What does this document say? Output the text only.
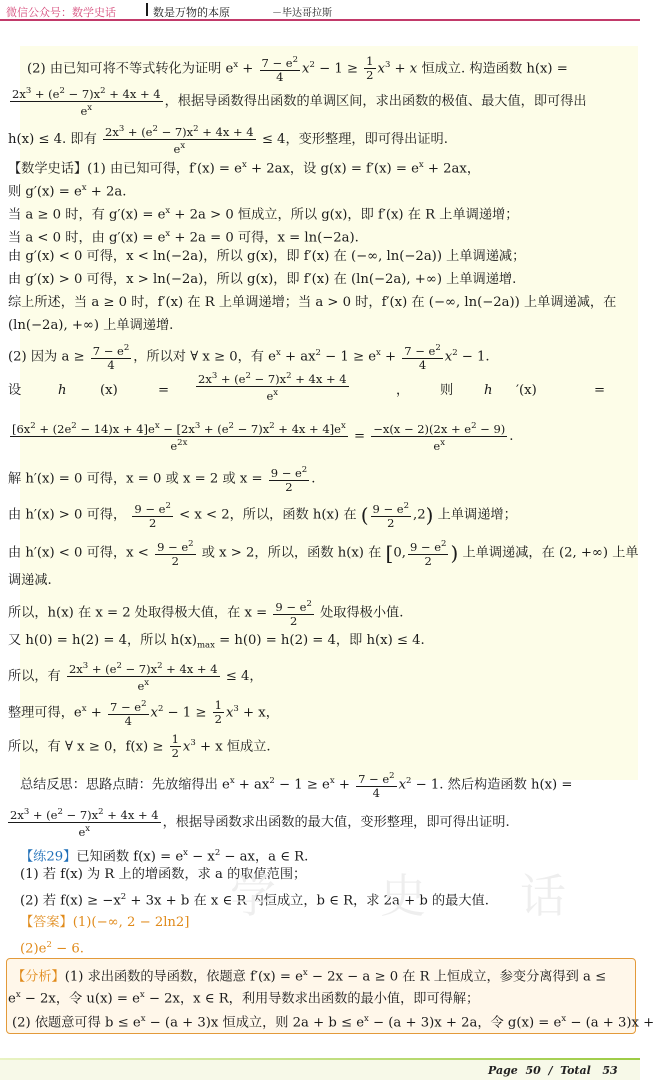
微信公众号：数学史话	数是万物的本原	－毕达哥拉斯
(2) 由已知可将不等式转化为证明 $e^x + \frac{7 - e^2}{4} x^2 - 1 \ge \frac{1}{2} x^3 + x$ 恒成立. 构造函数 h(x) =
$\frac{2x^3 + (e^2 - 7)x^2 + 4x + 4}{e^x}$ ，根据导函数得出函数的单调区间，求出函数的极值、最大值，即可得出
h(x) ≤ 4. 即有 $\frac{2x^3 + (e^2 - 7)x^2 + 4x + 4}{e^x} \le 4$，变形整理，即可得出证明.
【数学史话】(1) 由已知可得，$f'(x) = e^x + 2ax$，设 $g(x) = f'(x) = e^x + 2ax$，
则 $g'(x) = e^x + 2a$.
当 a ≥ 0 时，有 $g'(x) = e^x + 2a > 0$ 恒成立，所以 g(x)，即 f′(x) 在 R 上单调递增；
当 a < 0 时，由 $g'(x) = e^x + 2a = 0$ 可得，x = ln(−2a).
由 g′(x) < 0 可得，x < ln(−2a)，所以 g(x)，即 f′(x) 在 (−∞, ln(−2a)) 上单调递减；
由 g′(x) > 0 可得，x > ln(−2a)，所以 g(x)，即 f′(x) 在 (ln(−2a), +∞) 上单调递增.
综上所述，当 a ≥ 0 时，f′(x) 在 R 上单调递增；当 a > 0 时，f′(x) 在 (−∞, ln(−2a)) 上单调递减，在
(ln(−2a), +∞) 上单调递增.
(2) 因为 $a \ge \frac{7 - e^2}{4}$ ，所以对 ∀ x ≥ 0，有 $e^x + ax^2 - 1 \ge e^x + \frac{7 - e^2}{4} x^2 - 1$.
设	h	(x)	= $\frac{2x^3 + (e^2 - 7)x^2 + 4x + 4}{e^x}$	， 则 h ′(x)	=
$\frac{[6x^2 + (2e^2 - 14)x + 4]e^x - [2x^3 + (e^2 - 7)x^2 + 4x + 4]e^x}{e^{2x}} = \frac{-x(x - 2)(2x + e^2 - 9)}{e^x}$ .
解 h′(x) = 0 可得，x = 0 或 x = 2 或 $x = \frac{9 - e^2}{2}$ .
由 h′(x) > 0 可得， $\frac{9 - e^2}{2} < x < 2$，所以，函数 h(x) 在 ( $\frac{9 - e^2}{2} ,2$) 上单调递增；
由 h′(x) < 0 可得，$x < \frac{9 - e^2}{2}$ 或 x > 2，所以，函数 h(x) 在 [0, $\frac{9 - e^2}{2}$ ) 上单调递减，在 (2, +∞) 上单
调递减.
所以，h(x) 在 x = 2 处取得极大值，在 $x = \frac{9 - e^2}{2}$ 处取得极小值.
又 h(0) = h(2) = 4，所以 $h(x)_{max} = h(0) = h(2) = 4$，即 h(x) ≤ 4.
所以，有 $\frac{2x^3 + (e^2 - 7)x^2 + 4x + 4}{e^x} \le 4$，
整理可得，$e^x + \frac{7 - e^2}{4} x^2 - 1 \ge \frac{1}{2} x^3 + x$，
所以，有 ∀ x ≥ 0，$f(x) \ge \frac{1}{2} x^3 + x$ 恒成立.
总结反思：思路点睛：先放缩得出 $e^x + ax^2 - 1 \ge e^x + \frac{7 - e^2}{4} x^2 - 1$. 然后构造函数 h(x) =
$\frac{2x^3 + (e^2 - 7)x^2 + 4x + 4}{e^x}$ ，根据导函数求出函数的最大值，变形整理，即可得出证明.
【练29】已知函数 $f(x) = e^x - x^2$ − ax，a ∈ R.
(1) 若 f(x) 为 R 上的增函数，求 a 的取值范围；
(2) 若 $f(x) \ge -x^2 + 3x + b$ 在 x ∈ R 内恒成立，b ∈ R，求 2a + b 的最大值.
学 史 话
【答案】(1)(−∞, 2 − 2ln2]
$(2)e^2 - 6$.
【分析】(1) 求出函数的导函数，依题意 $f'(x) = e^x - 2x - a \ge 0$ 在 R 上恒成立，参变分离得到 a ≤
$e^x - 2x$，令 $u(x) = e^x - 2x$，x ∈ R，利用导数求出函数的最小值，即可得解；
(2) 依题意可得 $b \le e^x - (a + 3)x$ 恒成立，则 $2a + b \le e^x - (a + 3)x + 2a$，令 $g(x) = e^x - (a + 3)x$ +
Page 50 / Total 53
